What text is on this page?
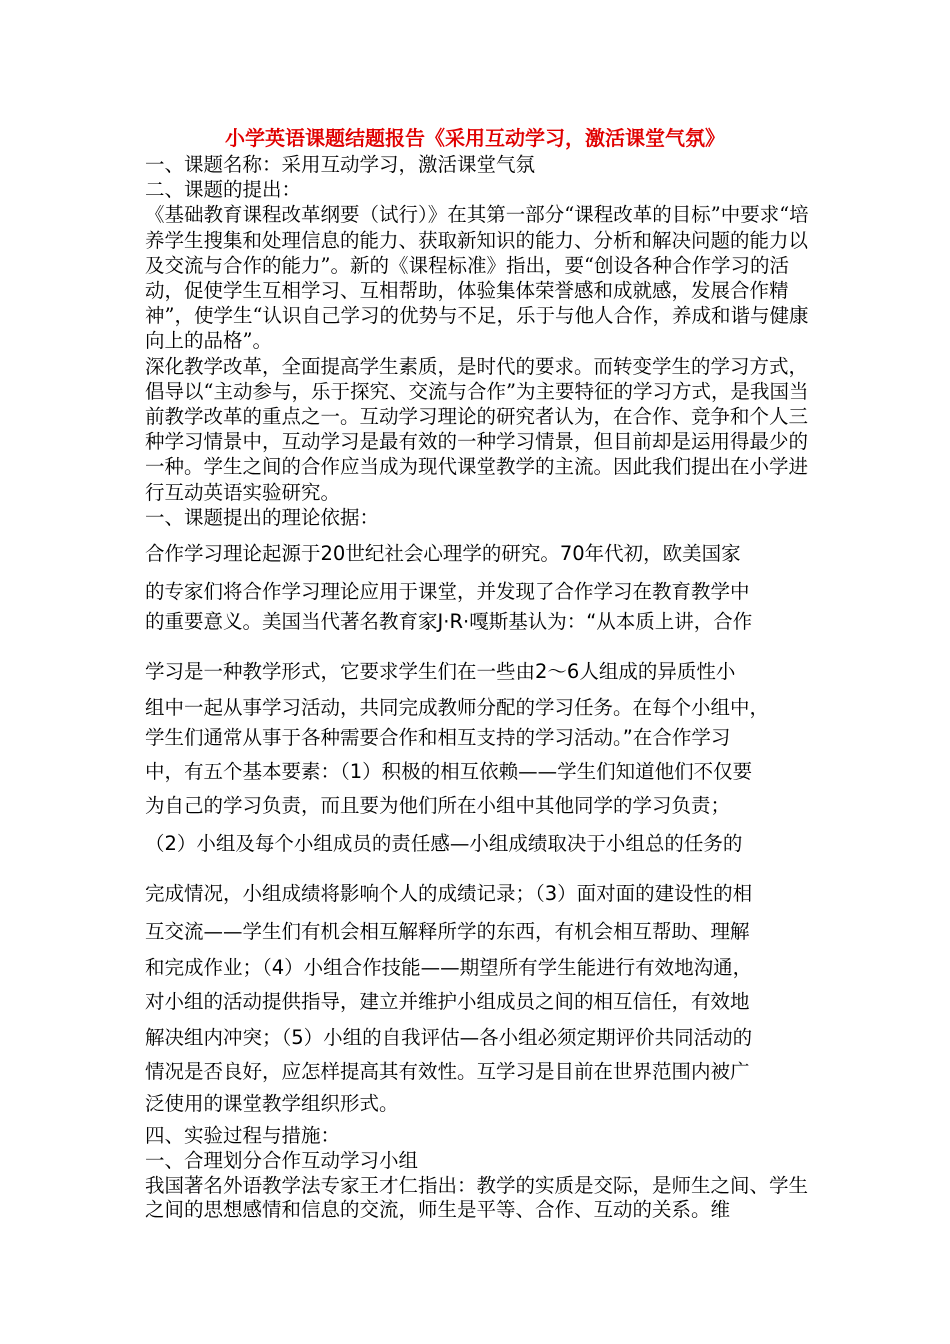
小学英语课题结题报告《采用互动学习，激活课堂气氛》

一、课题名称：采用互动学习，激活课堂气氛

二、课题的提出：

《基础教育课程改革纲要（试行）》在其第一部分“课程改革的目标”中要求“培养学生搜集和处理信息的能力、获取新知识的能力、分析和解决问题的能力以及交流与合作的能力”。新的《课程标准》指出，要“创设各种合作学习的活动，促使学生互相学习、互相帮助，体验集体荣誉感和成就感，发展合作精神”，使学生“认识自己学习的优势与不足，乐于与他人合作，养成和谐与健康向上的品格”。

深化教学改革，全面提高学生素质，是时代的要求。而转变学生的学习方式，倡导以“主动参与，乐于探究、交流与合作”为主要特征的学习方式，是我国当前教学改革的重点之一。互动学习理论的研究者认为，在合作、竞争和个人三种学习情景中，互动学习是最有效的一种学习情景，但目前却是运用得最少的一种。学生之间的合作应当成为现代课堂教学的主流。因此我们提出在小学进行互动英语实验研究。

一、课题提出的理论依据：

合作学习理论起源于20世纪社会心理学的研究。70年代初，欧美国家
的专家们将合作学习理论应用于课堂，并发现了合作学习在教育教学中
的重要意义。美国当代著名教育家J·R·嘎斯基认为：“从本质上讲，合作
学习是一种教学形式，它要求学生们在一些由2～6人组成的异质性小
组中一起从事学习活动，共同完成教师分配的学习任务。在每个小组中，
学生们通常从事于各种需要合作和相互支持的学习活动。”在合作学习
中，有五个基本要素：（1）积极的相互依赖——学生们知道他们不仅要
为自己的学习负责，而且要为他们所在小组中其他同学的学习负责；
（2）小组及每个小组成员的责任感—小组成绩取决于小组总的任务的
完成情况，小组成绩将影响个人的成绩记录；（3）面对面的建设性的相
互交流——学生们有机会相互解释所学的东西，有机会相互帮助、理解
和完成作业；（4）小组合作技能——期望所有学生能进行有效地沟通，
对小组的活动提供指导，建立并维护小组成员之间的相互信任，有效地
解决组内冲突；（5）小组的自我评估—各小组必须定期评价共同活动的
情况是否良好，应怎样提高其有效性。互学习是目前在世界范围内被广
泛使用的课堂教学组织形式。

四、实验过程与措施：

一、合理划分合作互动学习小组

我国著名外语教学法专家王才仁指出：教学的实质是交际，是师生之间、学生之间的思想感情和信息的交流，师生是平等、合作、互动的关系。维
